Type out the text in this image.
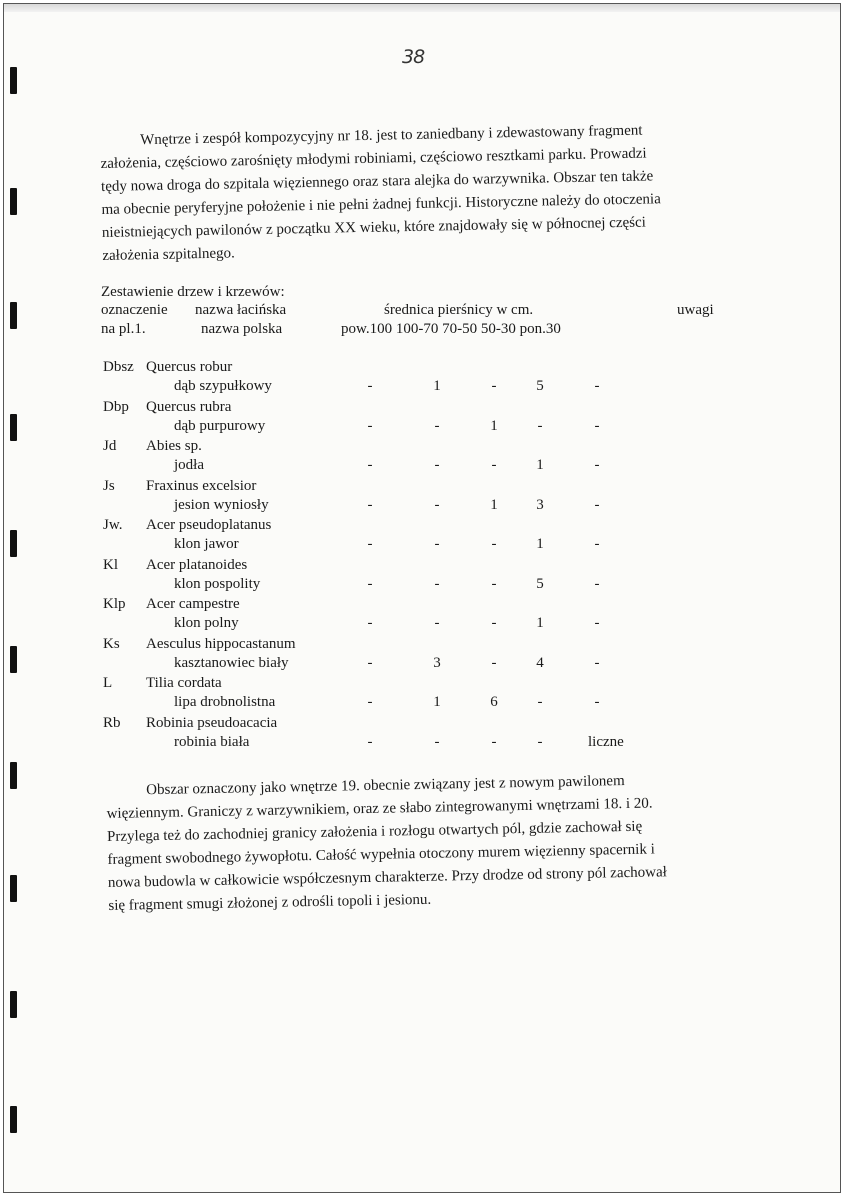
38
Wnętrze i zespół kompozycyjny nr 18. jest to zaniedbany i zdewastowany fragment
założenia, częściowo zarośnięty młodymi robiniami, częściowo resztkami parku. Prowadzi
tędy nowa droga do szpitala więziennego oraz stara alejka do warzywnika. Obszar ten także
ma obecnie peryferyjne położenie i nie pełni żadnej funkcji. Historyczne należy do otoczenia
nieistniejących pawilonów z początku XX wieku, które znajdowały się w północnej części
założenia szpitalnego.
Zestawienie drzew i krzewów:
oznaczenie nazwa łacińska	średnica pierśnicy w cm.	uwagi
na pl.1.	nazwa polska	pow.100 100-70 70-50 50-30 pon.30
Dbsz Quercus robur
dąb szypułkowy	-	1	-	5	-
Dbp Quercus rubra
dąb purpurowy	-	-	1	-	-
Jd Abies sp.
jodła	-	-	-	1	-
Js Fraxinus excelsior
jesion wyniosły	-	-	1	3	-
Jw. Acer pseudoplatanus
klon jawor	-	-	-	1	-
Kl Acer platanoides
klon pospolity	-	-	-	5	-
Klp Acer campestre
klon polny	-	-	-	1	-
Ks Aesculus hippocastanum
kasztanowiec biały	-	3	-	4	-
L Tilia cordata
lipa drobnolistna	-	1	6	-	-
Rb Robinia pseudoacacia
robinia biała	-	-	-	-	liczne
Obszar oznaczony jako wnętrze 19. obecnie związany jest z nowym pawilonem
więziennym. Graniczy z warzywnikiem, oraz ze słabo zintegrowanymi wnętrzami 18. i 20.
Przylega też do zachodniej granicy założenia i rozłogu otwartych pól, gdzie zachował się
fragment swobodnego żywopłotu. Całość wypełnia otoczony murem więzienny spacernik i
nowa budowla w całkowicie współczesnym charakterze. Przy drodze od strony pól zachował
się fragment smugi złożonej z odrośli topoli i jesionu.
